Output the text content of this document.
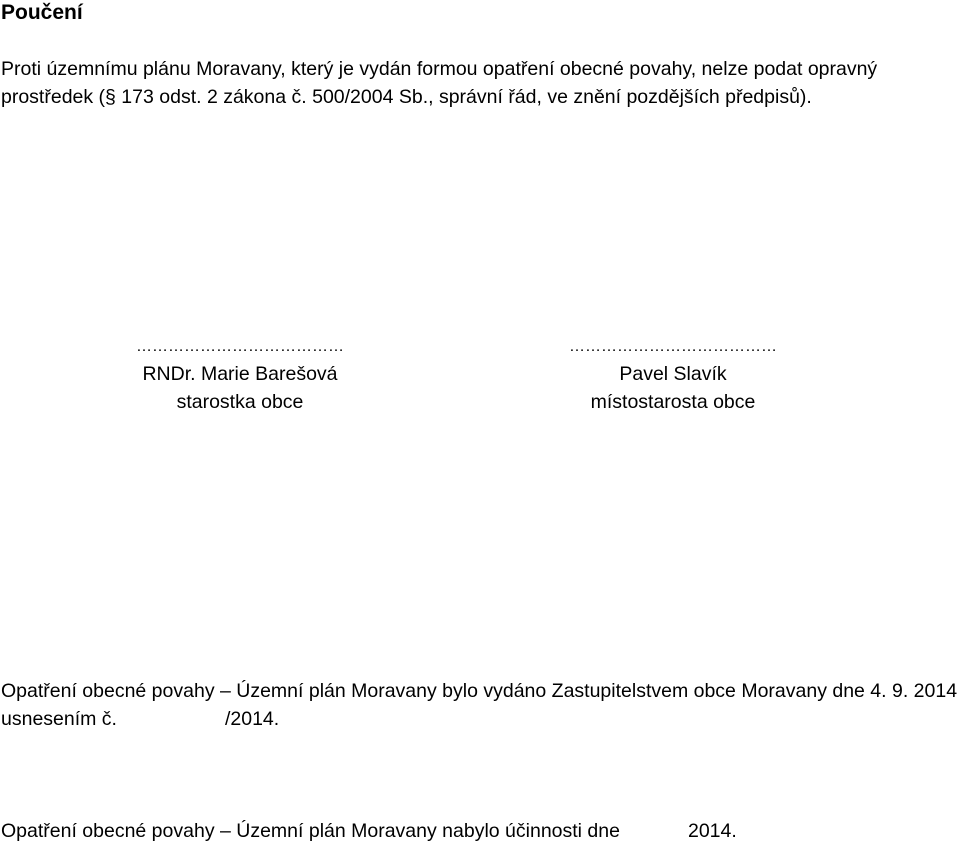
Poučení
Proti územnímu plánu Moravany, který je vydán formou opatření obecné povahy, nelze podat opravný prostředek (§ 173 odst. 2 zákona č. 500/2004 Sb., správní řád, ve znění pozdějších předpisů).
…………………………………
RNDr. Marie Barešová
starostka obce
…………………………………
Pavel Slavík
místostarosta obce
Opatření obecné povahy – Územní plán Moravany bylo vydáno Zastupitelstvem obce Moravany dne 4. 9. 2014 usnesením č.	/2014.
Opatření obecné povahy – Územní plán Moravany nabylo účinnosti dne	2014.
